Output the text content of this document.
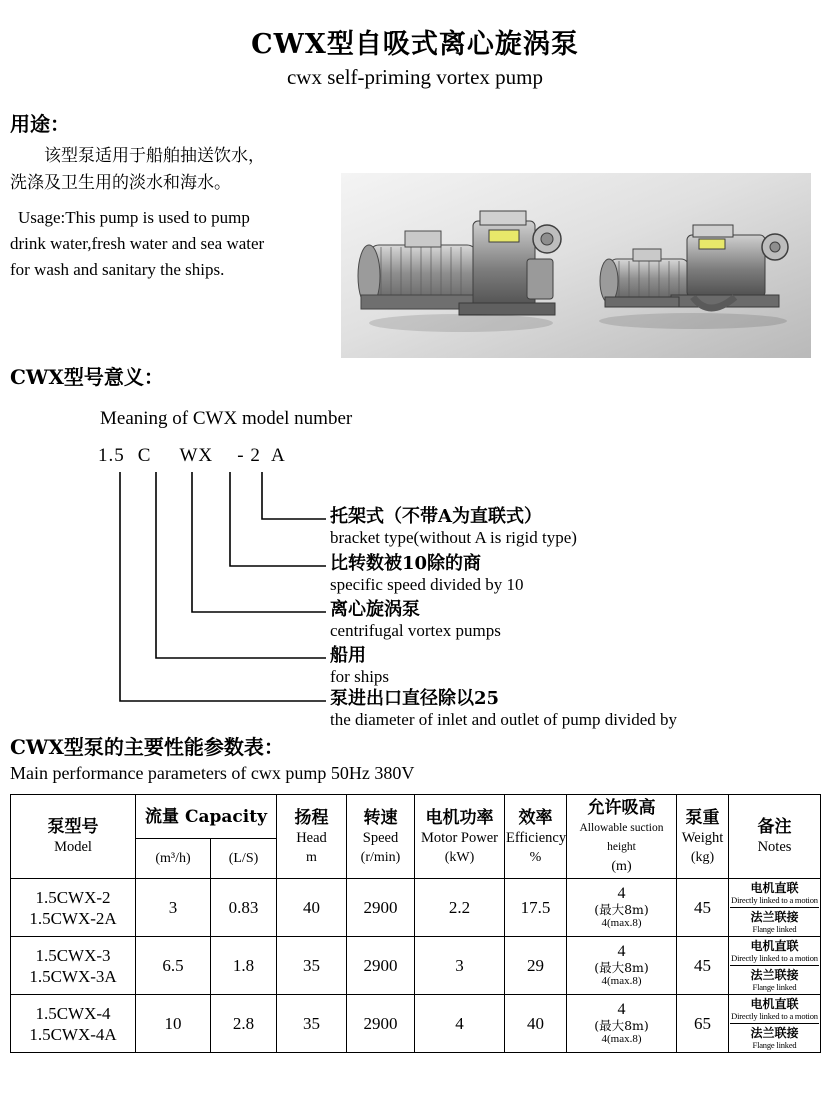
CWX型自吸式离心旋涡泵
cwx self-priming vortex pump
用途：
该型泵适用于船舶抽送饮水，
洗涤及卫生用的淡水和海水。
Usage:This pump is used to pump
drink water,fresh water and sea water
for wash and sanitary the ships.
CWX型号意义：
Meaning of CWX model number
1.5 C WX - 2 A
托架式（不带A为直联式）
bracket type(without A is rigid type)
比转数被10除的商
specific speed divided by 10
离心旋涡泵
centrifugal vortex pumps
船用
for ships
泵进出口直径除以25
the diameter of inlet and outlet of pump divided by
CWX型泵的主要性能参数表：
Main performance parameters of cwx pump 50Hz 380V
泵型号
Model	流量 Capacity		扬程
Head
m	转速
Speed
(r/min)	电机功率
Motor Power
(kW)	效率
Efficiency
%	允许吸高
Allowable suction height
(m)	泵重
Weight
(kg)	备注
Notes

	(m³/h)	(L/S)							

1.5CWX-2
1.5CWX-2A	3	0.83	40	2900	2.2	17.5	4
(最大8m)
4(max.8)	45	电机直联
Directly linked to a motion
法兰联接
Flange linked

1.5CWX-3
1.5CWX-3A	6.5	1.8	35	2900	3	29	4
(最大8m)
4(max.8)	45	电机直联
Directly linked to a motion
法兰联接
Flange linked

1.5CWX-4
1.5CWX-4A	10	2.8	35	2900	4	40	4
(最大8m)
4(max.8)	65	电机直联
Directly linked to a motion
法兰联接
Flange linked
